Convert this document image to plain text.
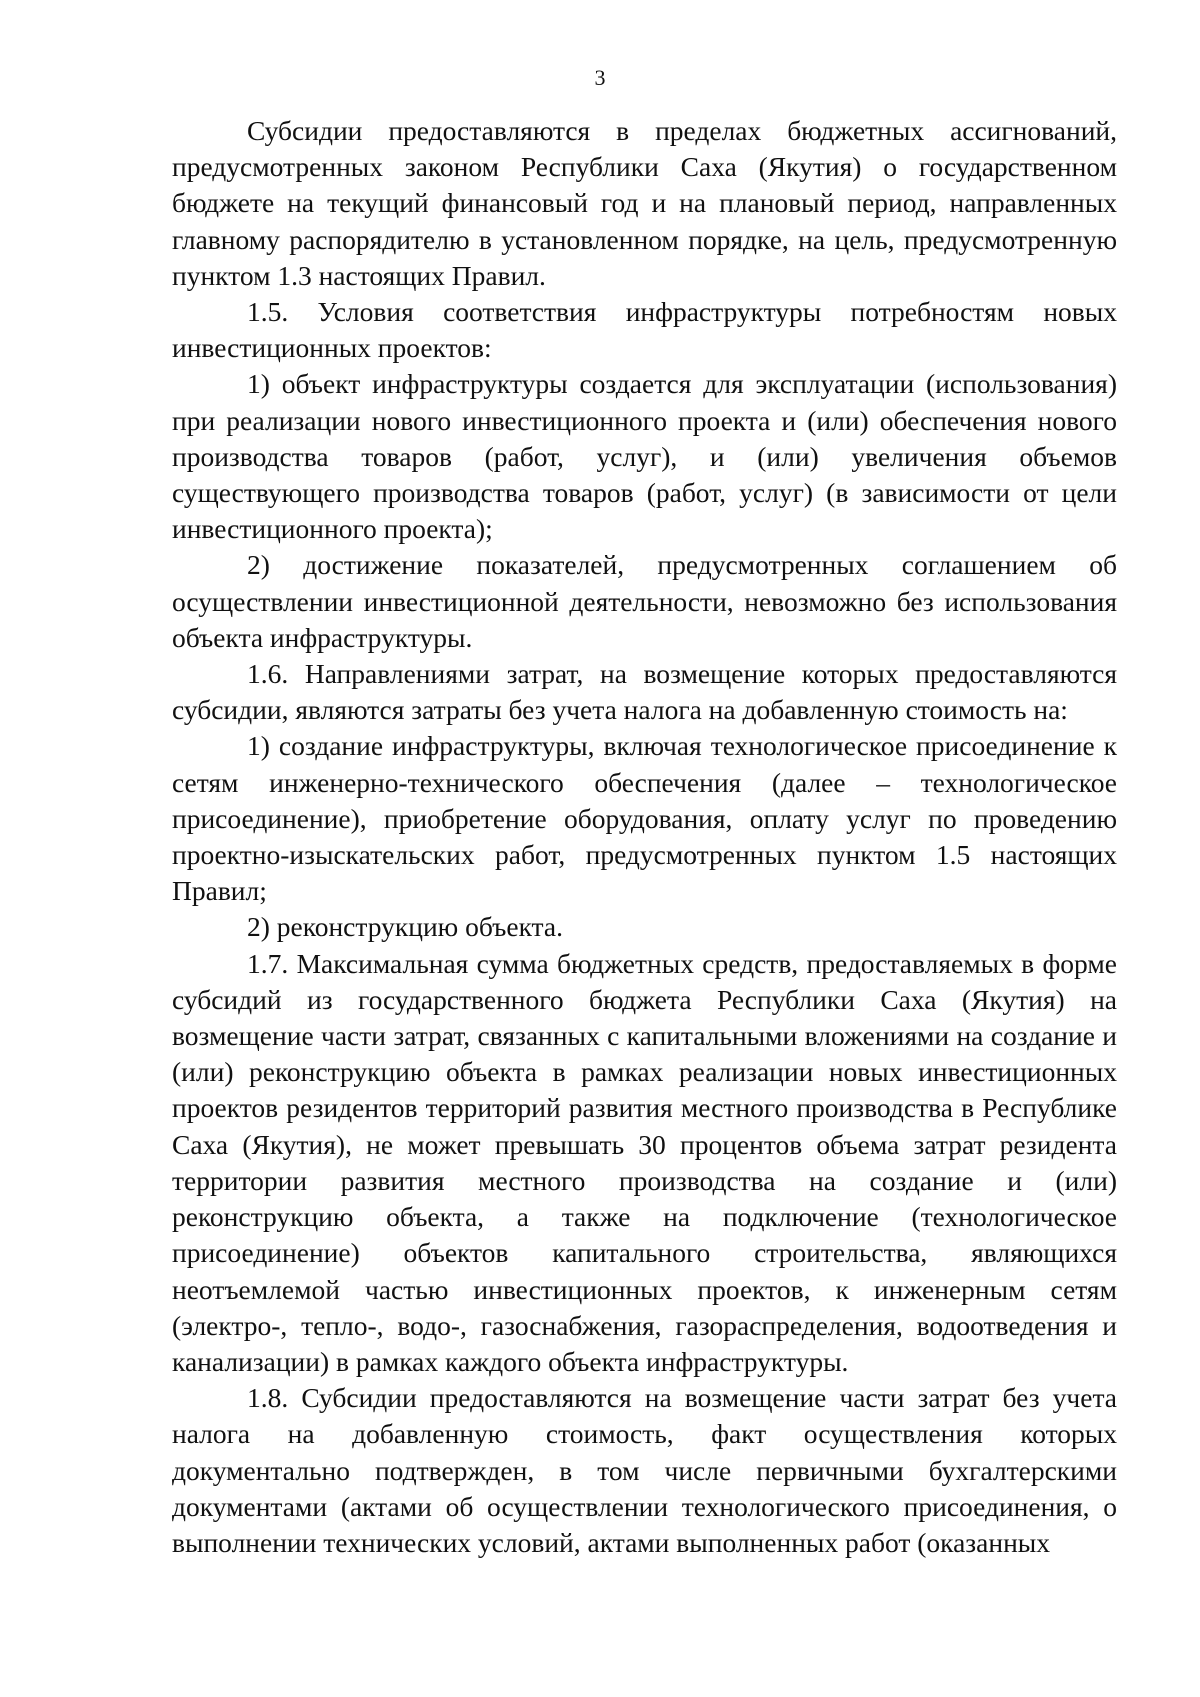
3

Субсидии предоставляются в пределах бюджетных ассигнований, предусмотренных законом Республики Саха (Якутия) о государственном бюджете на текущий финансовый год и на плановый период, направленных главному распорядителю в установленном порядке, на цель, предусмотренную пунктом 1.3 настоящих Правил.

1.5. Условия соответствия инфраструктуры потребностям новых инвестиционных проектов:

1) объект инфраструктуры создается для эксплуатации (использования) при реализации нового инвестиционного проекта и (или) обеспечения нового производства товаров (работ, услуг), и (или) увеличения объемов существующего производства товаров (работ, услуг) (в зависимости от цели инвестиционного проекта);

2) достижение показателей, предусмотренных соглашением об осуществлении инвестиционной деятельности, невозможно без использования объекта инфраструктуры.

1.6. Направлениями затрат, на возмещение которых предоставляются субсидии, являются затраты без учета налога на добавленную стоимость на:

1) создание инфраструктуры, включая технологическое присоединение к сетям инженерно-технического обеспечения (далее – технологическое присоединение), приобретение оборудования, оплату услуг по проведению проектно-изыскательских работ, предусмотренных пунктом 1.5 настоящих Правил;

2) реконструкцию объекта.

1.7. Максимальная сумма бюджетных средств, предоставляемых в форме субсидий из государственного бюджета Республики Саха (Якутия) на возмещение части затрат, связанных с капитальными вложениями на создание и (или) реконструкцию объекта в рамках реализации новых инвестиционных проектов резидентов территорий развития местного производства в Республике Саха (Якутия), не может превышать 30 процентов объема затрат резидента территории развития местного производства на создание и (или) реконструкцию объекта, а также на подключение (технологическое присоединение) объектов капитального строительства, являющихся неотъемлемой частью инвестиционных проектов, к инженерным сетям (электро-, тепло-, водо-, газоснабжения, газораспределения, водоотведения и канализации) в рамках каждого объекта инфраструктуры.

1.8. Субсидии предоставляются на возмещение части затрат без учета налога на добавленную стоимость, факт осуществления которых документально подтвержден, в том числе первичными бухгалтерскими документами (актами об осуществлении технологического присоединения, о выполнении технических условий, актами выполненных работ (оказанных
